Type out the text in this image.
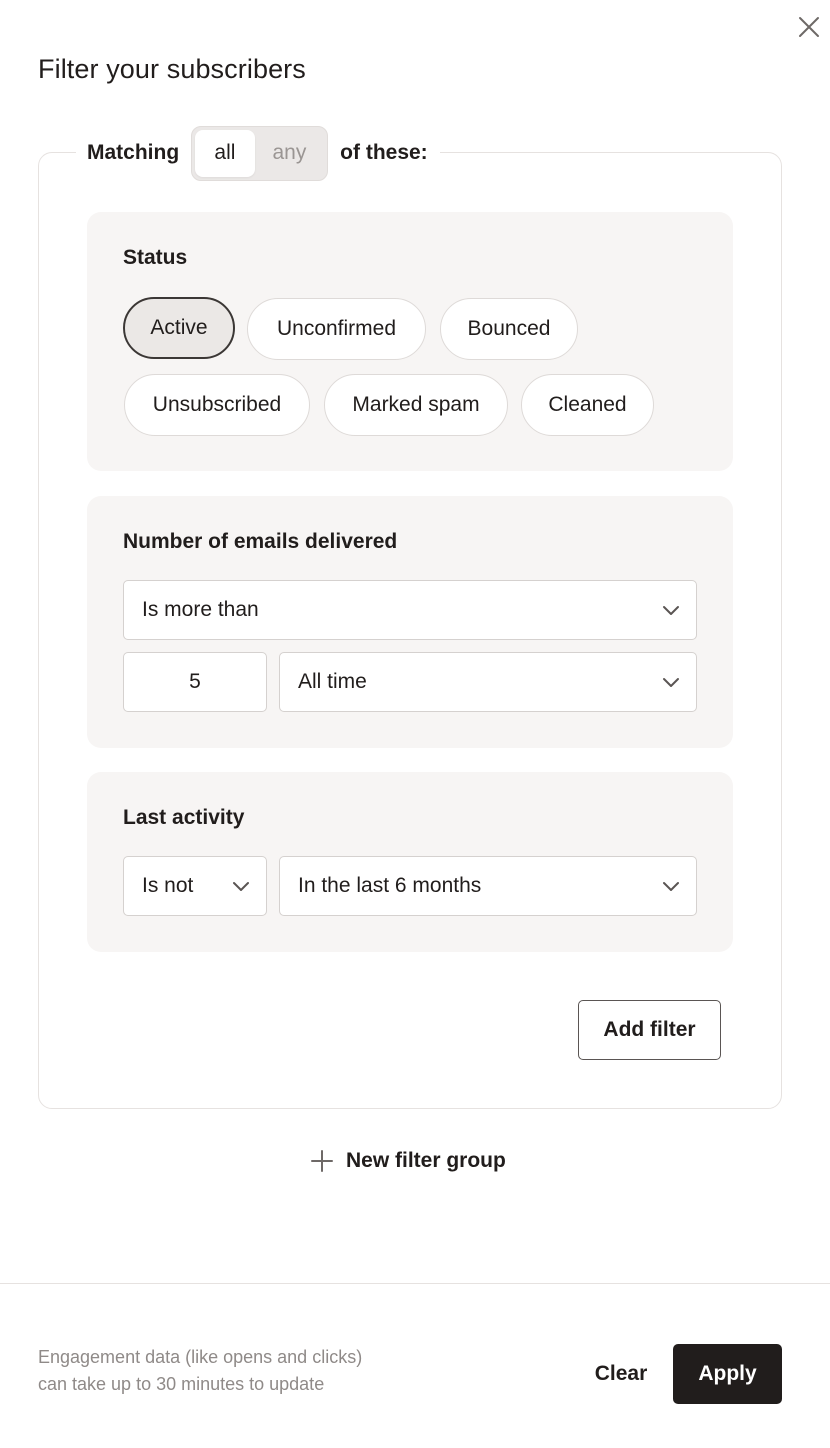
Filter your subscribers
Matching	all	any	of these:
Status
Active	Unconfirmed	Bounced
Unsubscribed	Marked spam	Cleaned
Number of emails delivered
Is more than
5
All time
Last activity
Is not	In the last 6 months
Add filter
New filter group
Engagement data (like opens and clicks)
can take up to 30 minutes to update	Clear	Apply
